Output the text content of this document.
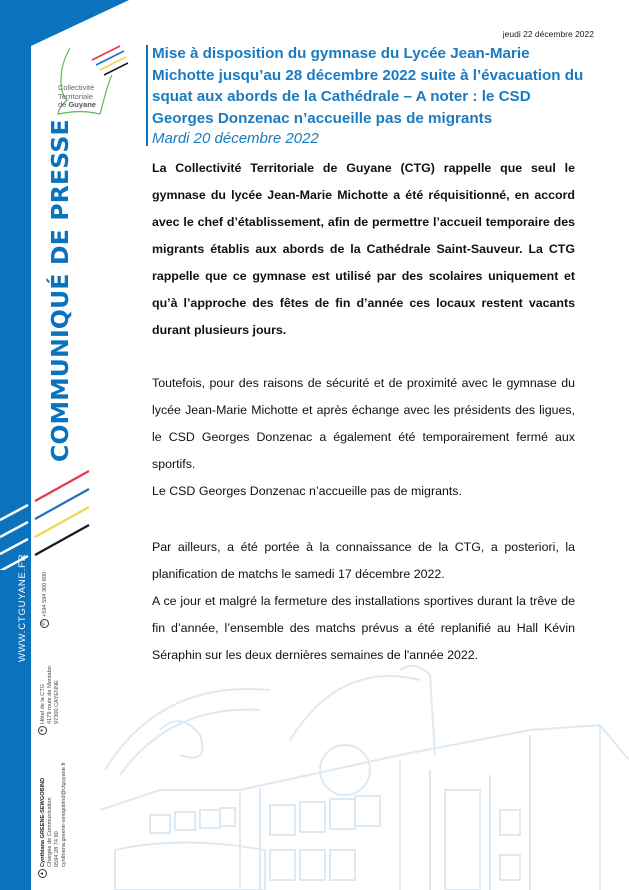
Collectivité
Territoriale
de Guyane
COMMUNIQUÉ DE PRESSE
WWW.CTGUYANE.FR	✆+594 594 300 600
●Hôtel de la CTG 4179 route de Montabo 97300 CAYENNE
▲Cynthiana GREENE-SEWGOBIND Chargée de Communication 0594 28 74 90 cynthiana.greene-sewgobind@ctguyane.fr
jeudi 22 décembre 2022
Mise à disposition du gymnase du Lycée Jean-Marie Michotte jusqu’au 28 décembre 2022 suite à l’évacuation du squat aux abords de la Cathédrale – A noter : le CSD Georges Donzenac n’accueille pas de migrants
Mardi 20 décembre 2022
La Collectivité Territoriale de Guyane (CTG) rappelle que seul le gymnase du lycée Jean-Marie Michotte a été réquisitionné, en accord avec le chef d’établissement, afin de permettre l’accueil temporaire des migrants établis aux abords de la Cathédrale Saint-Sauveur. La CTG rappelle que ce gymnase est utilisé par des scolaires uniquement et qu’à l’approche des fêtes de fin d’année ces locaux restent vacants durant plusieurs jours.
Toutefois, pour des raisons de sécurité et de proximité avec le gymnase du lycée Jean-Marie Michotte et après échange avec les présidents des ligues, le CSD Georges Donzenac a également été temporairement fermé aux sportifs.
Le CSD Georges Donzenac n’accueille pas de migrants.
Par ailleurs, a été portée à la connaissance de la CTG, a posteriori, la planification de matchs le samedi 17 décembre 2022.
A ce jour et malgré la fermeture des installations sportives durant la trêve de fin d’année, l’ensemble des matchs prévus a été replanifié au Hall Kévin Séraphin sur les deux dernières semaines de l'année 2022.
